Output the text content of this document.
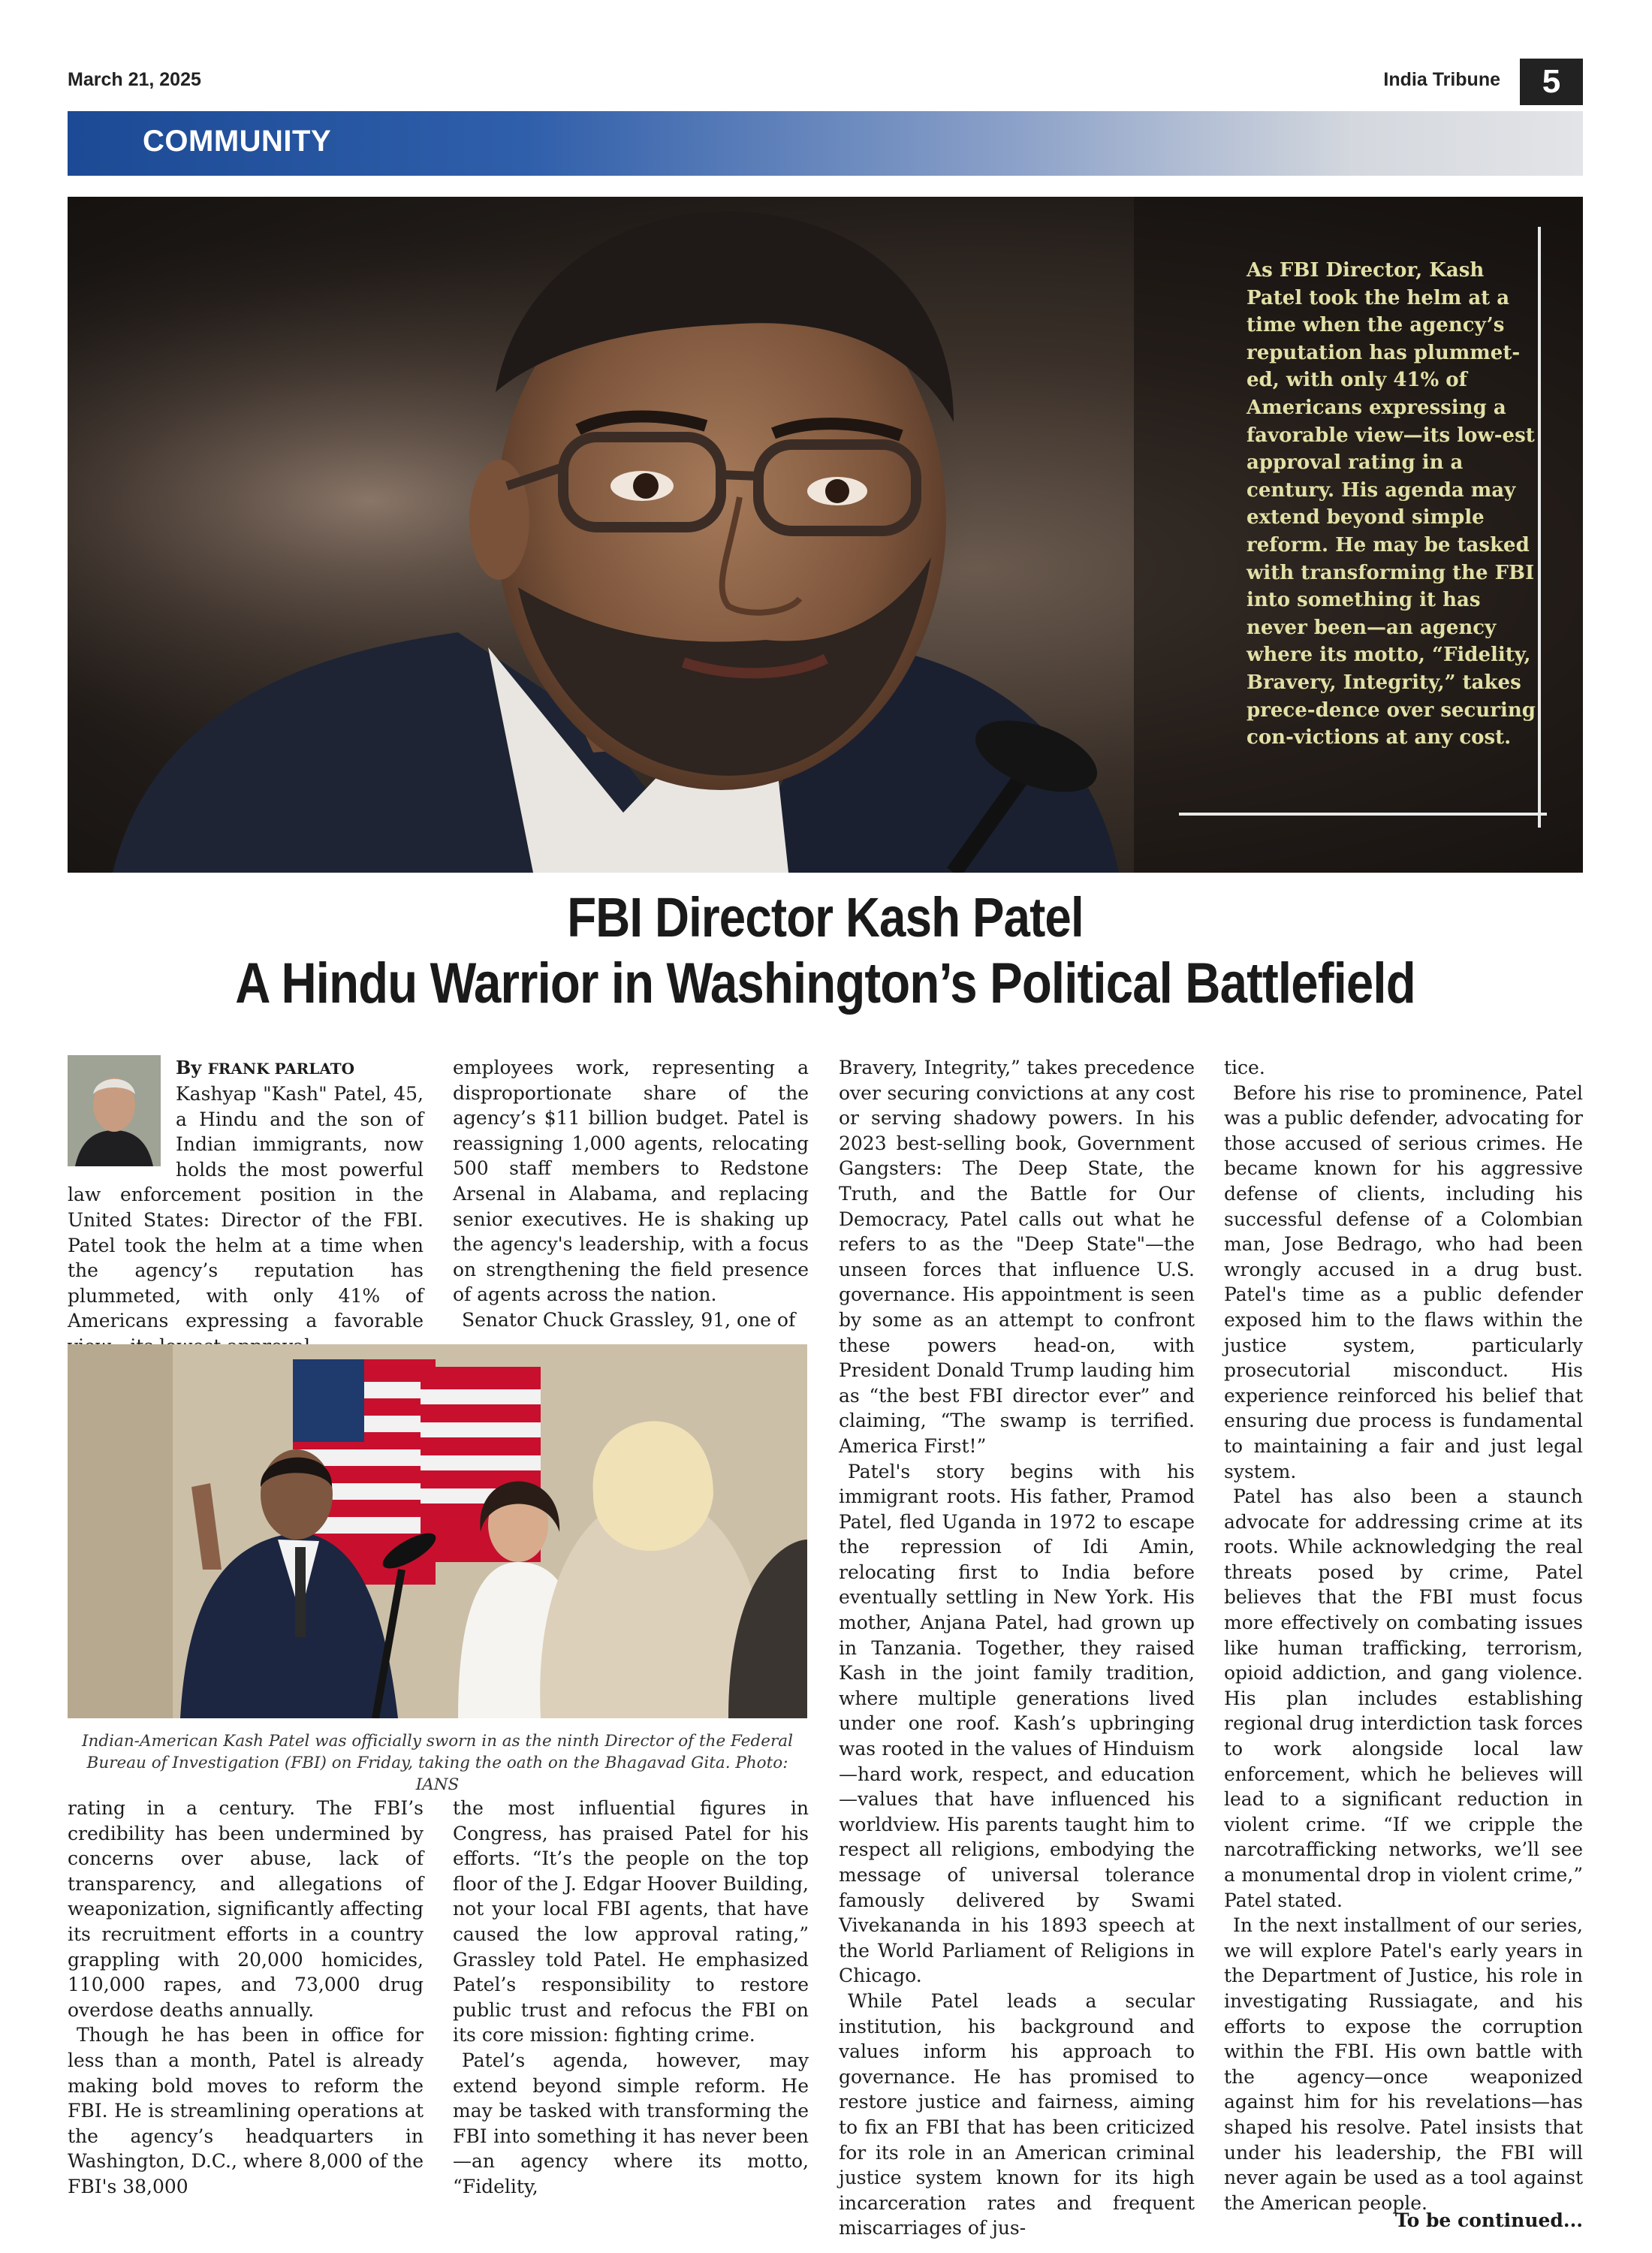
March 21, 2025	India Tribune	5
COMMUNITY
As FBI Director, Kash Patel took the helm at a time when the agency’s reputation has plummet-ed, with only 41% of Americans expressing a favorable view—its low-est approval rating in a century. His agenda may extend beyond simple reform. He may be tasked with transforming the FBI into something it has never been—an agency where its motto, “Fidelity, Bravery, Integrity,” takes prece-dence over securing con-victions at any cost.
FBI Director Kash Patel
A Hindu Warrior in Washington’s Political Battlefield

By FRANK PARLATO

Kashyap "Kash" Patel, 45, a Hindu and the son of Indian immigrants, now holds the most powerful law enforcement position in the United States: Director of the FBI. Patel took the helm at a time when the agency’s reputation has plummeted, with only 41% of Americans expressing a favorable

employees work, representing a disproportionate share of the agency’s $11 billion budget. Patel is reassigning 1,000 agents, relocating 500 staff members to Redstone Arsenal in Alabama, and replacing senior executives. He is shaking up the agency's leadership, with a focus on strengthening the field presence of agents across the nation.

Senator Chuck Grassley, 91, one of

Indian-American Kash Patel was officially sworn in as the ninth Director of the Federal Bureau of Investigation (FBI) on Friday, taking the oath on the Bhagavad Gita. Photo: IANS

rating in a century. The FBI’s credibility has been undermined by concerns over abuse, lack of transparency, and allegations of weaponization, significantly affecting its recruitment efforts in a country grappling with 20,000 homicides, 110,000 rapes, and 73,000 drug overdose deaths annually.

Though he has been in office for less than a month, Patel is already making bold moves to reform the FBI. He is streamlining operations at the agency’s headquarters in Washington, D.C., where 8,000 of the FBI's 38,000

the most influential figures in Congress, has praised Patel for his efforts. “It’s the people on the top floor of the J. Edgar Hoover Building, not your local FBI agents, that have caused the low approval rating,” Grassley told Patel. He emphasized Patel’s responsibility to restore public trust and refocus the FBI on its core mission: fighting crime.

Patel’s agenda, however, may extend beyond simple reform. He may be tasked with transforming the FBI into something it has never been—an agency where its motto, “Fidelity,

Bravery, Integrity,” takes precedence over securing convictions at any cost or serving shadowy powers. In his 2023 best-selling book, Government Gangsters: The Deep State, the Truth, and the Battle for Our Democracy, Patel calls out what he refers to as the "Deep State"—the unseen forces that influence U.S. governance. His appointment is seen by some as an attempt to confront these powers head-on, with President Donald Trump lauding him as “the best FBI director ever” and claiming, “The swamp is terrified. America First!”

Patel's story begins with his immigrant roots. His father, Pramod Patel, fled Uganda in 1972 to escape the repression of Idi Amin, relocating first to India before eventually settling in New York. His mother, Anjana Patel, had grown up in Tanzania. Together, they raised Kash in the joint family tradition, where multiple generations lived under one roof. Kash’s upbringing was rooted in the values of Hinduism—hard work, respect, and education—values that have influenced his worldview. His parents taught him to respect all religions, embodying the message of universal tolerance famously delivered by Swami Vivekananda in his 1893 speech at the World Parliament of Religions in Chicago.

While Patel leads a secular institution, his background and values inform his approach to governance. He has promised to restore justice and fairness, aiming to fix an FBI that has been criticized for its role in an American criminal justice system known for its high incarceration rates and frequent miscarriages of jus-

tice.

Before his rise to prominence, Patel was a public defender, advocating for those accused of serious crimes. He became known for his aggressive defense of clients, including his successful defense of a Colombian man, Jose Bedrago, who had been wrongly accused in a drug bust. Patel's time as a public defender exposed him to the flaws within the justice system, particularly prosecutorial misconduct. His experience reinforced his belief that ensuring due process is fundamental to maintaining a fair and just legal system.

Patel has also been a staunch advocate for addressing crime at its roots. While acknowledging the real threats posed by crime, Patel believes that the FBI must focus more effectively on combating issues like human trafficking, terrorism, opioid addiction, and gang violence. His plan includes establishing regional drug interdiction task forces to work alongside local law enforcement, which he believes will lead to a significant reduction in violent crime. “If we cripple the narcotrafficking networks, we’ll see a monumental drop in violent crime,” Patel stated.

In the next installment of our series, we will explore Patel's early years in the Department of Justice, his role in investigating Russiagate, and his efforts to expose the corruption within the FBI. His own battle with the agency—once weaponized against him for his revelations—has shaped his resolve. Patel insists that under his leadership, the FBI will never again be used as a tool against the American people.

To be continued...
